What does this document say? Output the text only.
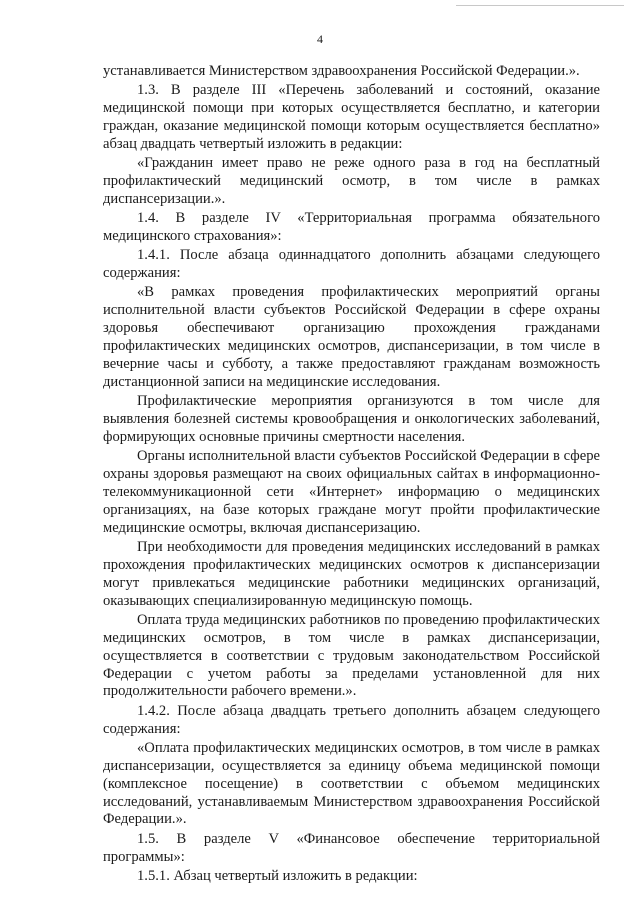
4

устанавливается Министерством здравоохранения Российской Федерации.».

1.3. В разделе III «Перечень заболеваний и состояний, оказание медицинской помощи при которых осуществляется бесплатно, и категории граждан, оказание медицинской помощи которым осуществляется бесплатно» абзац двадцать четвертый изложить в редакции:

«Гражданин имеет право не реже одного раза в год на бесплатный профилактический медицинский осмотр, в том числе в рамках диспансеризации.».

1.4. В разделе IV «Территориальная программа обязательного медицинского страхования»:

1.4.1. После абзаца одиннадцатого дополнить абзацами следующего содержания:

«В рамках проведения профилактических мероприятий органы исполнительной власти субъектов Российской Федерации в сфере охраны здоровья обеспечивают организацию прохождения гражданами профилактических медицинских осмотров, диспансеризации, в том числе в вечерние часы и субботу, а также предоставляют гражданам возможность дистанционной записи на медицинские исследования.

Профилактические мероприятия организуются в том числе для выявления болезней системы кровообращения и онкологических заболеваний, формирующих основные причины смертности населения.

Органы исполнительной власти субъектов Российской Федерации в сфере охраны здоровья размещают на своих официальных сайтах в информационно-телекоммуникационной сети «Интернет» информацию о медицинских организациях, на базе которых граждане могут пройти профилактические медицинские осмотры, включая диспансеризацию.

При необходимости для проведения медицинских исследований в рамках прохождения профилактических медицинских осмотров к диспансеризации могут привлекаться медицинские работники медицинских организаций, оказывающих специализированную медицинскую помощь.

Оплата труда медицинских работников по проведению профилактических медицинских осмотров, в том числе в рамках диспансеризации, осуществляется в соответствии с трудовым законодательством Российской Федерации с учетом работы за пределами установленной для них продолжительности рабочего времени.».

1.4.2. После абзаца двадцать третьего дополнить абзацем следующего содержания:

«Оплата профилактических медицинских осмотров, в том числе в рамках диспансеризации, осуществляется за единицу объема медицинской помощи (комплексное посещение) в соответствии с объемом медицинских исследований, устанавливаемым Министерством здравоохранения Российской Федерации.».

1.5. В разделе V «Финансовое обеспечение территориальной программы»:

1.5.1. Абзац четвертый изложить в редакции:
